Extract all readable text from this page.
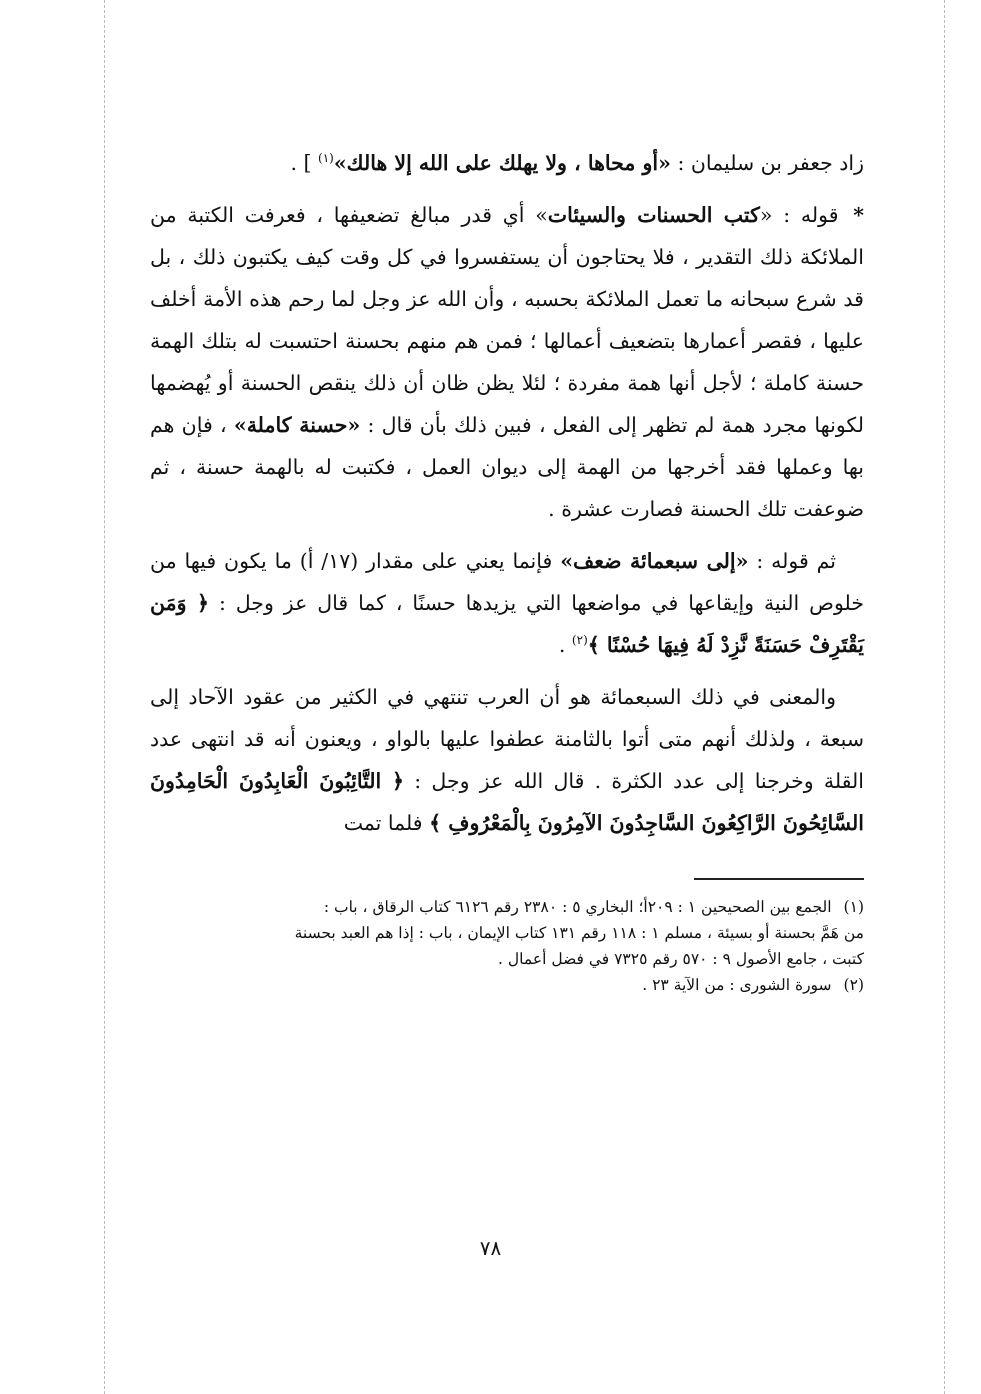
زاد جعفر بن سليمان : «أو محاها ، ولا يهلك على الله إلا هالك»$^{(١)}$ ] .

* قوله : «كتب الحسنات والسيئات» أي قدر مبالغ تضعيفها ، فعرفت الكتبة من الملائكة ذلك التقدير ، فلا يحتاجون أن يستفسروا في كل وقت كيف يكتبون ذلك ، بل قد شرع سبحانه ما تعمل الملائكة بحسبه ، وأن الله عز وجل لما رحم هذه الأمة أخلف عليها ، فقصر أعمارها بتضعيف أعمالها ؛ فمن هم منهم بحسنة احتسبت له بتلك الهمة حسنة كاملة ؛ لأجل أنها همة مفردة ؛ لئلا يظن ظان أن ذلك ينقص الحسنة أو يُهضمها لكونها مجرد همة لم تظهر إلى الفعل ، فبين ذلك بأن قال : «حسنة كاملة» ، فإن هم بها وعملها فقد أخرجها من الهمة إلى ديوان العمل ، فكتبت له بالهمة حسنة ، ثم ضوعفت تلك الحسنة فصارت عشرة .

ثم قوله : «إلى سبعمائة ضعف» فإنما يعني على مقدار (١٧/ أ) ما يكون فيها من خلوص النية وإيقاعها في مواضعها التي يزيدها حسنًا ، كما قال عز وجل : ﴿ وَمَن يَقْتَرِفْ حَسَنَةً نَّزِدْ لَهُ فِيهَا حُسْنًا ﴾$^{(٢)}$ .

والمعنى في ذلك السبعمائة هو أن العرب تنتهي في الكثير من عقود الآحاد إلى سبعة ، ولذلك أنهم متى أتوا بالثامنة عطفوا عليها بالواو ، ويعنون أنه قد انتهى عدد القلة وخرجنا إلى عدد الكثرة . قال الله عز وجل : ﴿ التَّائِبُونَ الْعَابِدُونَ الْحَامِدُونَ السَّائِحُونَ الرَّاكِعُونَ السَّاجِدُونَ الآمِرُونَ بِالْمَعْرُوفِ ﴾ فلما تمت

(١)الجمع بين الصحيحين ١ : ٢٠٩أ؛ البخاري ٥ : ٢٣٨٠ رقم ٦١٢٦ كتاب الرقاق ، باب :

من هَمَّ بحسنة أو بسيئة ، مسلم ١ : ١١٨ رقم ١٣١ كتاب الإيمان ، باب : إذا هم العبد بحسنة

كتبت ، جامع الأصول ٩ : ٥٧٠ رقم ٧٣٢٥ في فضل أعمال .

(٢)سورة الشورى : من الآية ٢٣ .

٧٨
